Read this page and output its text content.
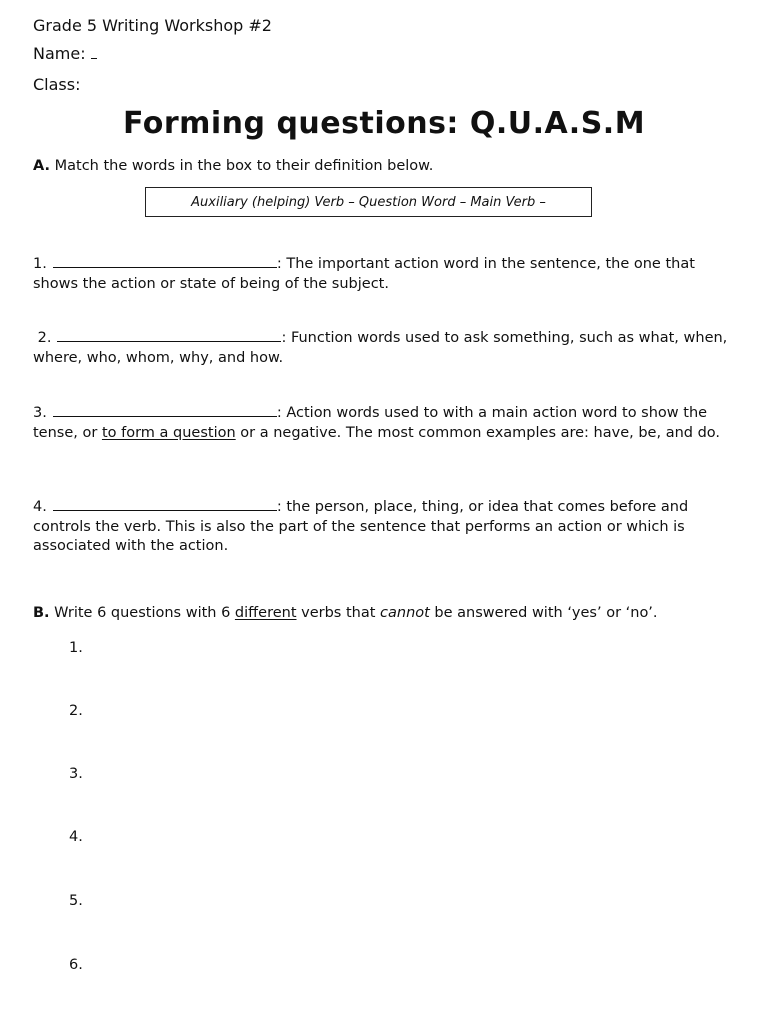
Grade 5 Writing Workshop #2
Name:
Class:
Forming questions: Q.U.A.S.M
A. Match the words in the box to their definition below.
Auxiliary (helping) Verb – Question Word – Main Verb –
1.	: The important action word in the sentence, the one that shows the action or state of being of the subject.
2.	: Function words used to ask something, such as what, when, where, who, whom, why, and how.
3.	: Action words used to with a main action word to show the tense, or to form a question or a negative. The most common examples are: have, be, and do.
4.	: the person, place, thing, or idea that comes before and controls the verb. This is also the part of the sentence that performs an action or which is associated with the action.
B. Write 6 questions with 6 different verbs that cannot be answered with ‘yes’ or ‘no’.
1.
2.
3.
4.
5.
6.
